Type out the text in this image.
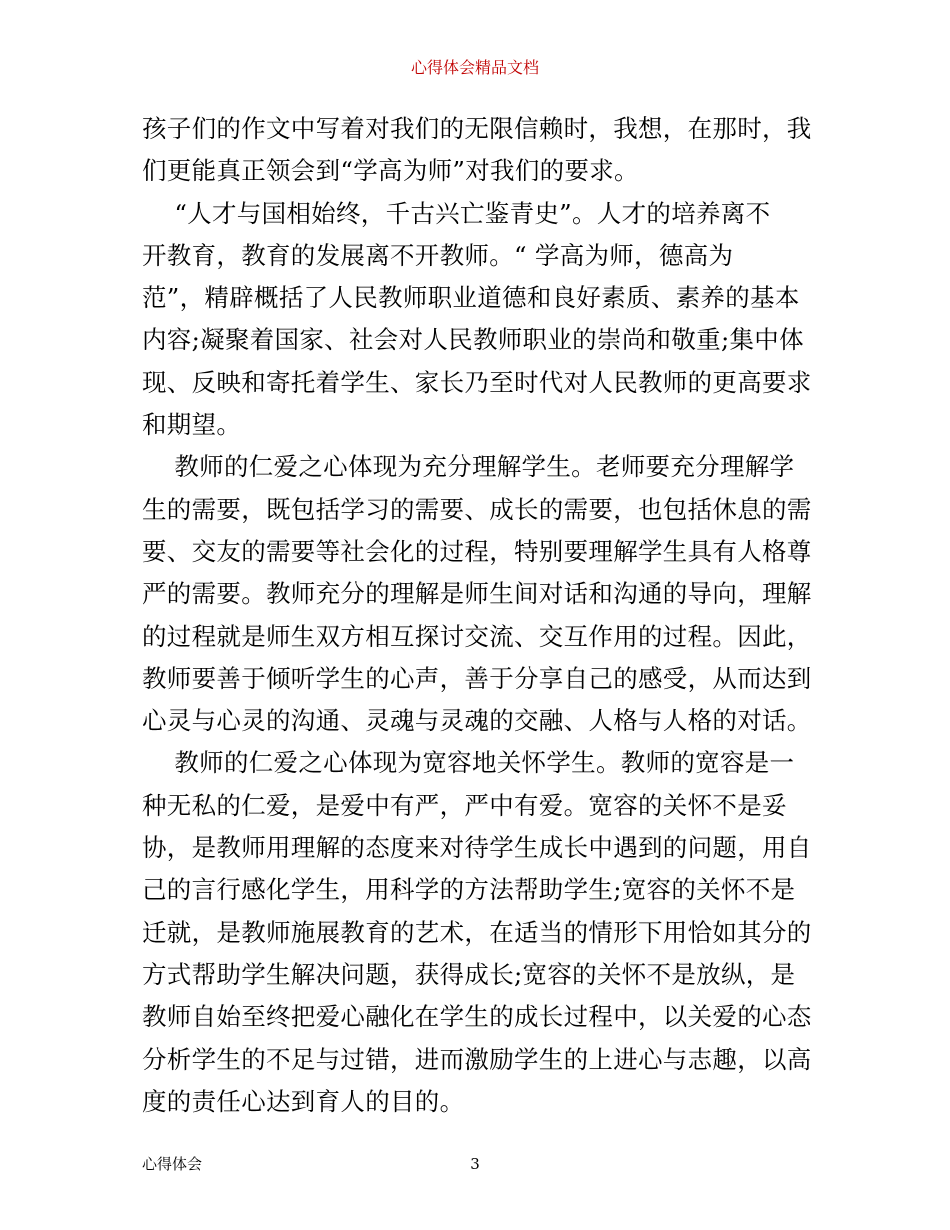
心得体会精品文档
孩子们的作文中写着对我们的无限信赖时，我想，在那时，我
们更能真正领会到“学高为师”对我们的要求。
“人才与国相始终，千古兴亡鉴青史”。人才的培养离不
开教育，教育的发展离不开教师。“ 学高为师，德高为
范”，精辟概括了人民教师职业道德和良好素质、素养的基本
内容;凝聚着国家、社会对人民教师职业的崇尚和敬重;集中体
现、反映和寄托着学生、家长乃至时代对人民教师的更高要求
和期望。
教师的仁爱之心体现为充分理解学生。老师要充分理解学
生的需要，既包括学习的需要、成长的需要，也包括休息的需
要、交友的需要等社会化的过程，特别要理解学生具有人格尊
严的需要。教师充分的理解是师生间对话和沟通的导向，理解
的过程就是师生双方相互探讨交流、交互作用的过程。因此，
教师要善于倾听学生的心声，善于分享自己的感受，从而达到
心灵与心灵的沟通、灵魂与灵魂的交融、人格与人格的对话。
教师的仁爱之心体现为宽容地关怀学生。教师的宽容是一
种无私的仁爱，是爱中有严，严中有爱。宽容的关怀不是妥
协，是教师用理解的态度来对待学生成长中遇到的问题，用自
己的言行感化学生，用科学的方法帮助学生;宽容的关怀不是
迁就，是教师施展教育的艺术，在适当的情形下用恰如其分的
方式帮助学生解决问题，获得成长;宽容的关怀不是放纵，是
教师自始至终把爱心融化在学生的成长过程中，以关爱的心态
分析学生的不足与过错，进而激励学生的上进心与志趣，以高
度的责任心达到育人的目的。
心得体会	3
